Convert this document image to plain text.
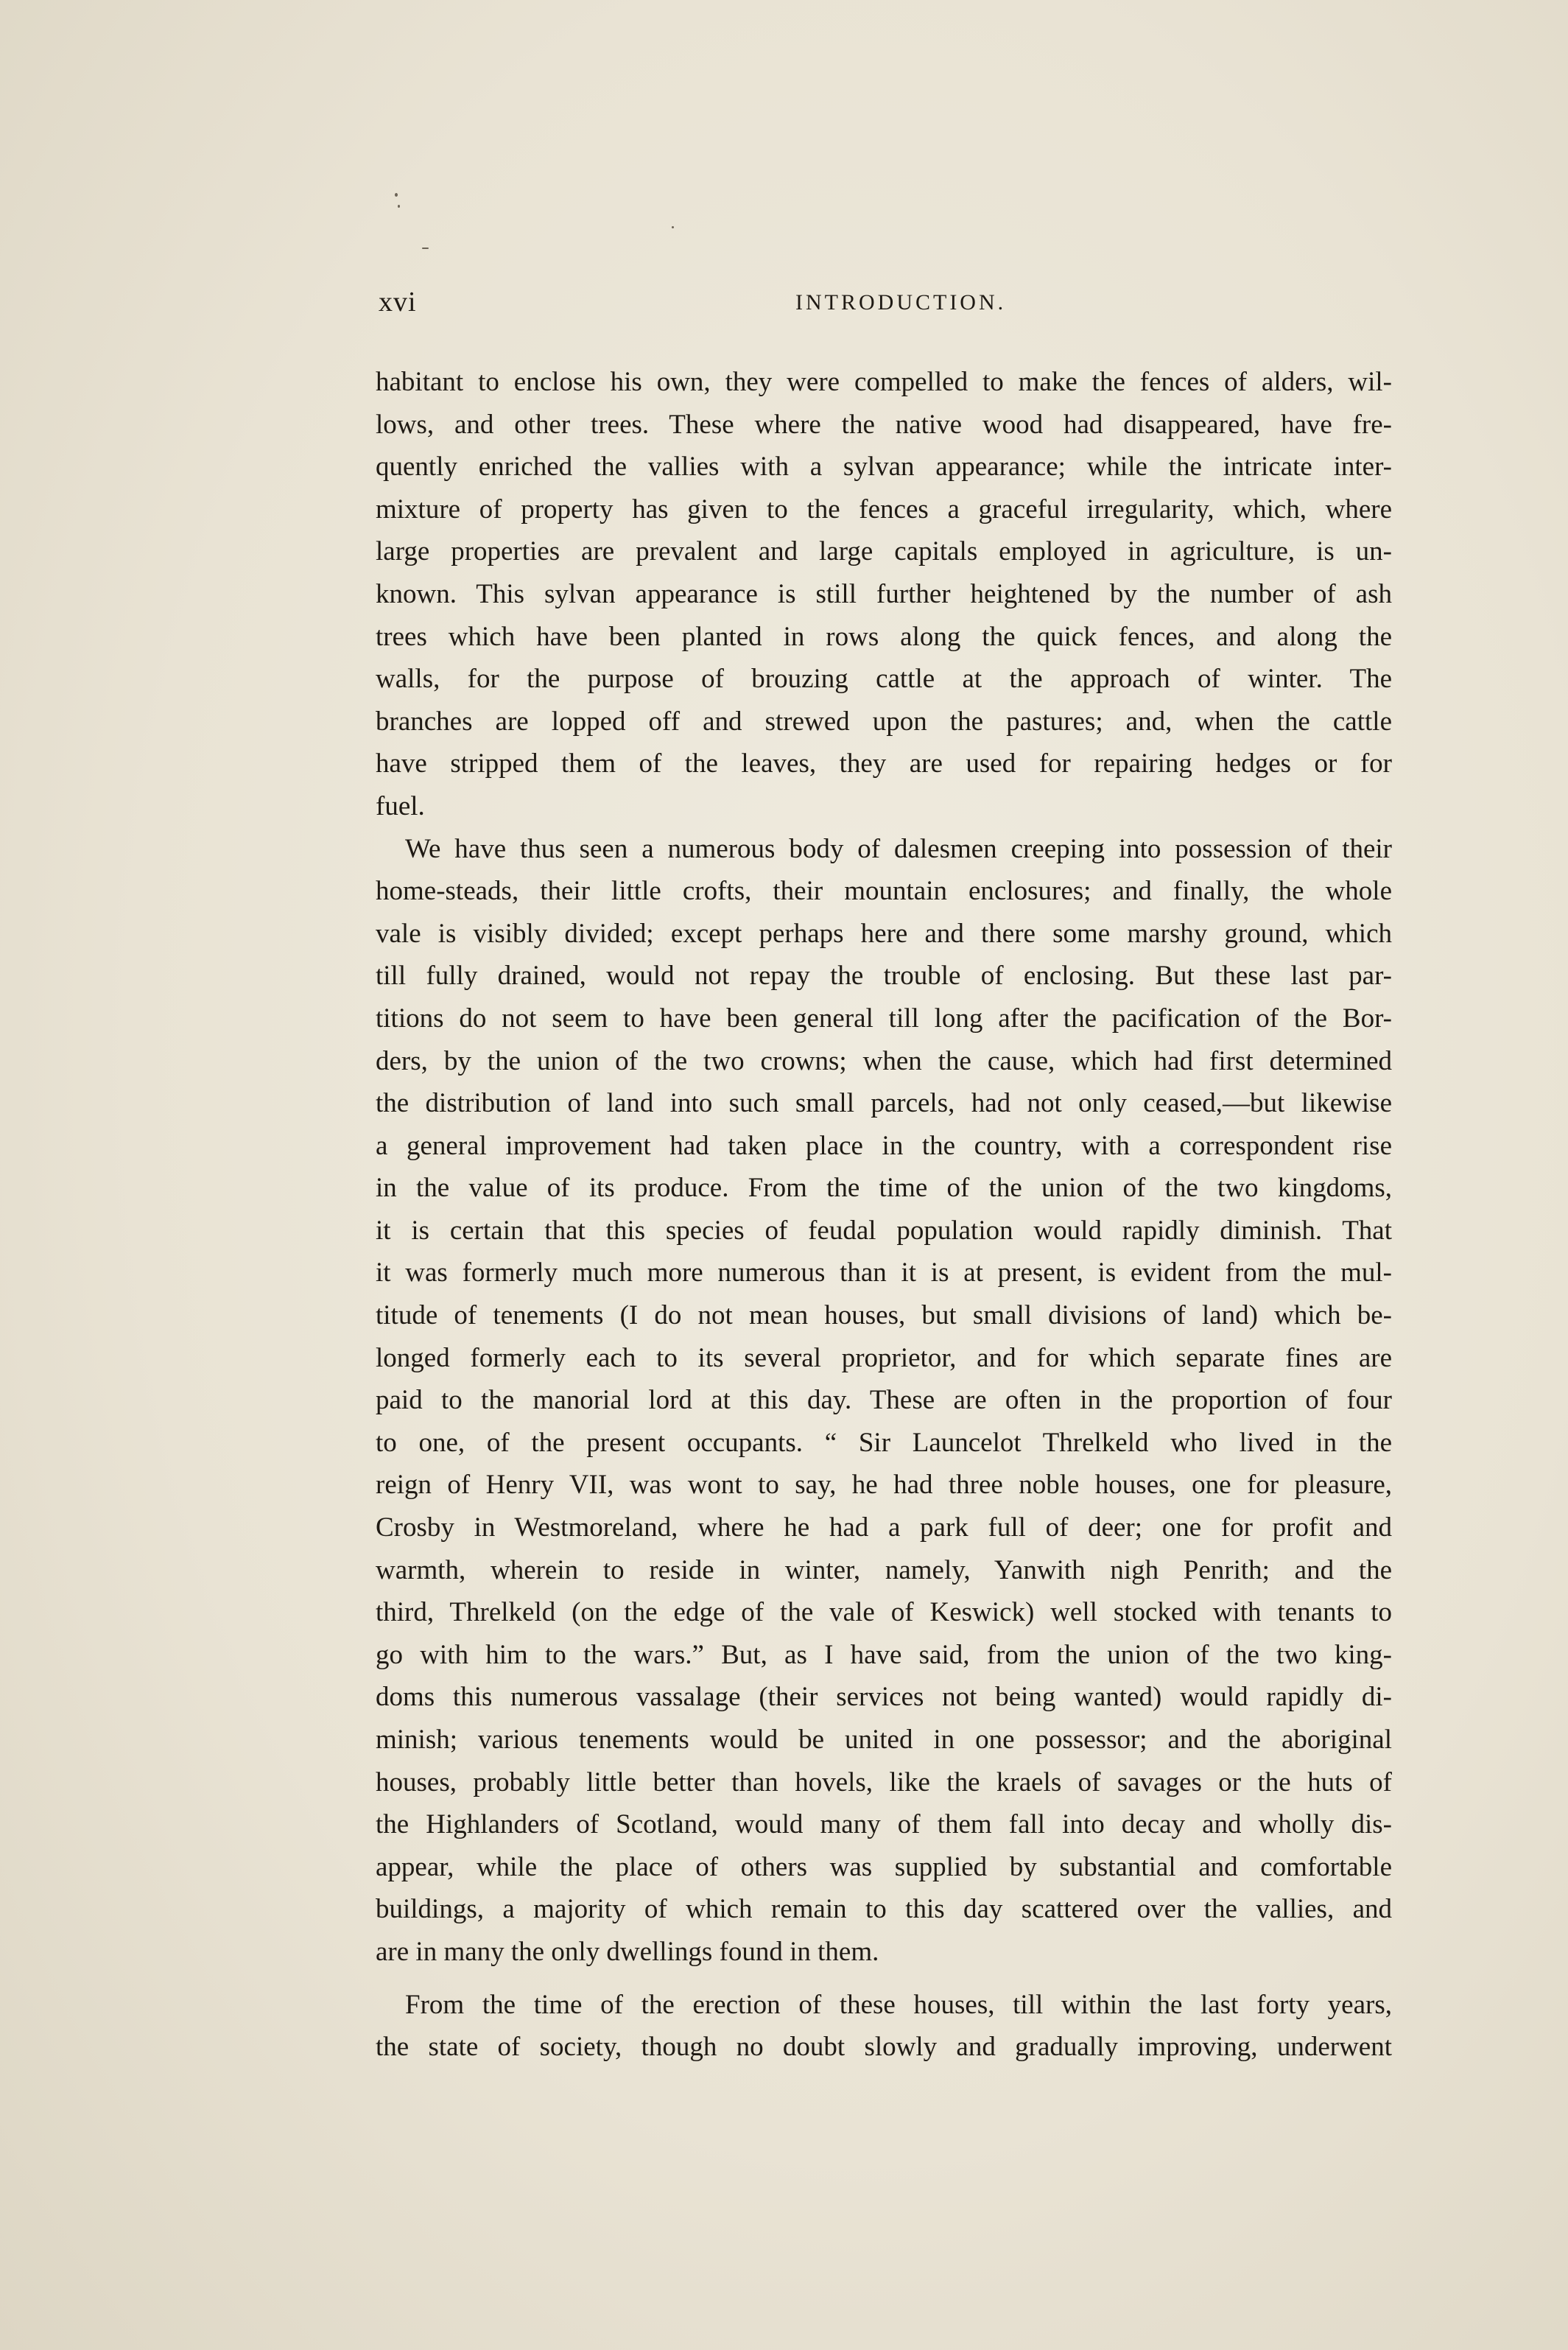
xvi	INTRODUCTION.
habitant to enclose his own, they were compelled to make the fences of alders, wil-
lows, and other trees. These where the native wood had disappeared, have fre-
quently enriched the vallies with a sylvan appearance; while the intricate inter-
mixture of property has given to the fences a graceful irregularity, which, where
large properties are prevalent and large capitals employed in agriculture, is un-
known. This sylvan appearance is still further heightened by the number of ash
trees which have been planted in rows along the quick fences, and along the
walls, for the purpose of brouzing cattle at the approach of winter. The
branches are lopped off and strewed upon the pastures; and, when the cattle
have stripped them of the leaves, they are used for repairing hedges or for
fuel.
We have thus seen a numerous body of dalesmen creeping into possession of their
home-steads, their little crofts, their mountain enclosures; and finally, the whole
vale is visibly divided; except perhaps here and there some marshy ground, which
till fully drained, would not repay the trouble of enclosing. But these last par-
titions do not seem to have been general till long after the pacification of the Bor-
ders, by the union of the two crowns; when the cause, which had first determined
the distribution of land into such small parcels, had not only ceased,—but likewise
a general improvement had taken place in the country, with a correspondent rise
in the value of its produce. From the time of the union of the two kingdoms,
it is certain that this species of feudal population would rapidly diminish. That
it was formerly much more numerous than it is at present, is evident from the mul-
titude of tenements (I do not mean houses, but small divisions of land) which be-
longed formerly each to its several proprietor, and for which separate fines are
paid to the manorial lord at this day. These are often in the proportion of four
to one, of the present occupants. “ Sir Launcelot Threlkeld who lived in the
reign of Henry VII, was wont to say, he had three noble houses, one for pleasure,
Crosby in Westmoreland, where he had a park full of deer; one for profit and
warmth, wherein to reside in winter, namely, Yanwith nigh Penrith; and the
third, Threlkeld (on the edge of the vale of Keswick) well stocked with tenants to
go with him to the wars.” But, as I have said, from the union of the two king-
doms this numerous vassalage (their services not being wanted) would rapidly di-
minish; various tenements would be united in one possessor; and the aboriginal
houses, probably little better than hovels, like the kraels of savages or the huts of
the Highlanders of Scotland, would many of them fall into decay and wholly dis-
appear, while the place of others was supplied by substantial and comfortable
buildings, a majority of which remain to this day scattered over the vallies, and
are in many the only dwellings found in them.
From the time of the erection of these houses, till within the last forty years,
the state of society, though no doubt slowly and gradually improving, underwent
